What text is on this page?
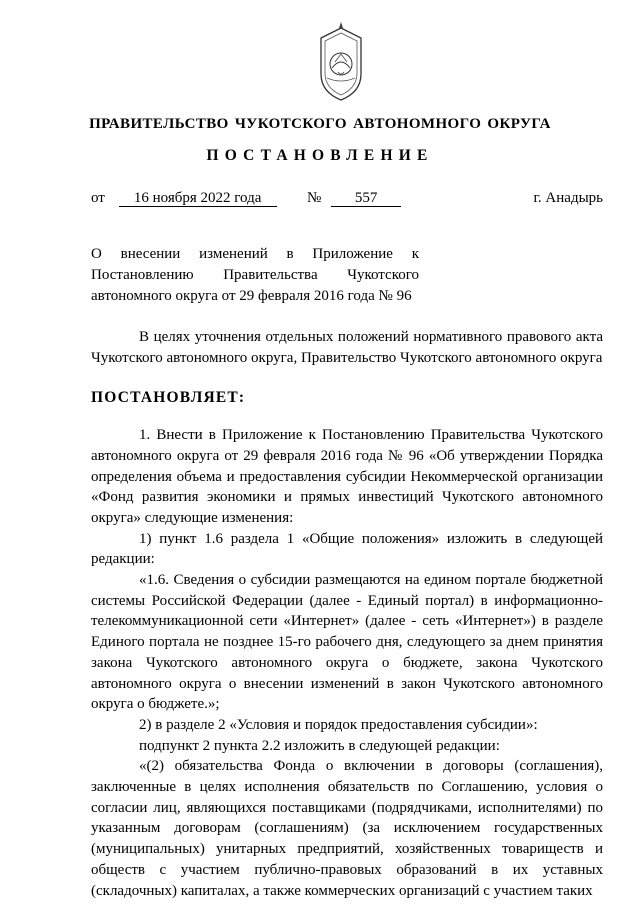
ПРАВИТЕЛЬСТВО ЧУКОТСКОГО АВТОНОМНОГО ОКРУГА
ПОСТАНОВЛЕНИЕ
от 16 ноября 2022 года	№ 557	г. Анадырь
О внесении изменений в Приложение к Постановлению Правительства Чукотского автономного округа от 29 февраля 2016 года № 96

В целях уточнения отдельных положений нормативного правового акта Чукотского автономного округа, Правительство Чукотского автономного округа

ПОСТАНОВЛЯЕТ:

1. Внести в Приложение к Постановлению Правительства Чукотского автономного округа от 29 февраля 2016 года № 96 «Об утверждении Порядка определения объема и предоставления субсидии Некоммерческой организации «Фонд развития экономики и прямых инвестиций Чукотского автономного округа» следующие изменения:

1) пункт 1.6 раздела 1 «Общие положения» изложить в следующей редакции:

«1.6. Сведения о субсидии размещаются на едином портале бюджетной системы Российской Федерации (далее - Единый портал) в информационно-телекоммуникационной сети «Интернет» (далее - сеть «Интернет») в разделе Единого портала не позднее 15-го рабочего дня, следующего за днем принятия закона Чукотского автономного округа о бюджете, закона Чукотского автономного округа о внесении изменений в закон Чукотского автономного округа о бюджете.»;

2) в разделе 2 «Условия и порядок предоставления субсидии»:

подпункт 2 пункта 2.2 изложить в следующей редакции:

«(2) обязательства Фонда о включении в договоры (соглашения), заключенные в целях исполнения обязательств по Соглашению, условия о согласии лиц, являющихся поставщиками (подрядчиками, исполнителями) по указанным договорам (соглашениям) (за исключением государственных (муниципальных) унитарных предприятий, хозяйственных товариществ и обществ с участием публично-правовых образований в их уставных (складочных) капиталах, а также коммерческих организаций с участием таких
